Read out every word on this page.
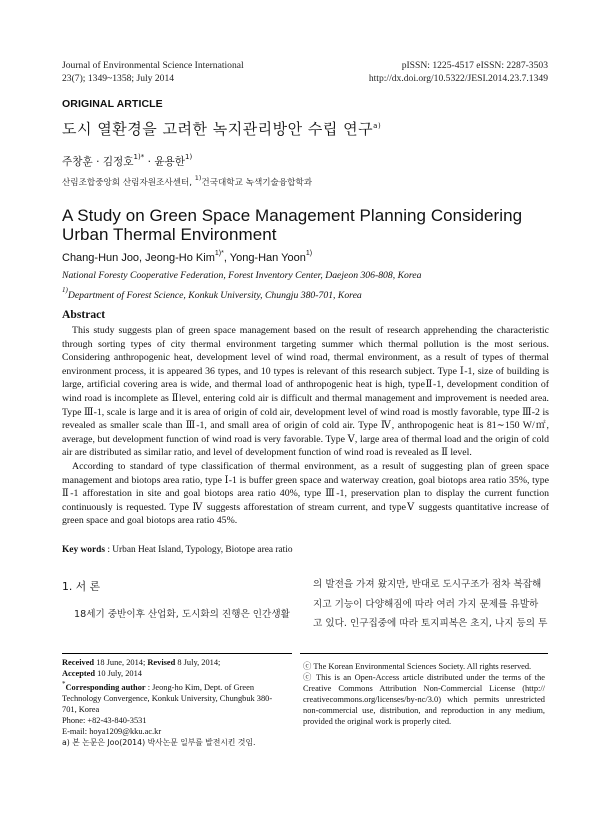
Journal of Environmental Science International
23(7); 1349~1358; July 2014
pISSN: 1225-4517 eISSN: 2287-3503
http://dx.doi.org/10.5322/JESI.2014.23.7.1349
ORIGINAL ARTICLE
도시 열환경을 고려한 녹지관리방안 수립 연구$^{a)}$
주창훈 · 김정호$^{1)*}$ · 윤용한$^{1)}$
산림조합중앙회 산림자원조사센터, $^{1)}$건국대학교 녹색기술융합학과
A Study on Green Space Management Planning Considering
Urban Thermal Environment
Chang-Hun Joo, Jeong-Ho Kim$^{1)*}$, Yong-Han Yoon$^{1)}$
National Foresty Cooperative Federation, Forest Inventory Center, Daejeon 306-808, Korea
$^{1)}$Department of Forest Science, Konkuk University, Chungju 380-701, Korea
Abstract

This study suggests plan of green space management based on the result of research apprehending the characteristic through sorting types of city thermal environment targeting summer which thermal pollution is the most serious. Considering anthropogenic heat, development level of wind road, thermal environment, as a result of types of thermal environment process, it is appeared 36 types, and 10 types is relevant of this research subject. Type Ⅰ-1, size of building is large, artificial covering area is wide, and thermal load of anthropogenic heat is high, typeⅡ-1, development condition of wind road is incomplete as Ⅱlevel, entering cold air is difficult and thermal management and improvement is needed area. Type Ⅲ-1, scale is large and it is area of origin of cold air, development level of wind road is mostly favorable, type Ⅲ-2 is revealed as smaller scale than Ⅲ-1, and small area of origin of cold air. Type Ⅳ, anthropogenic heat is 81∼150 W/㎡, average, but development function of wind road is very favorable. Type Ⅴ, large area of thermal load and the origin of cold air are distributed as similar ratio, and level of development function of wind road is revealed as Ⅱ level.

According to standard of type classification of thermal environment, as a result of suggesting plan of green space management and biotops area ratio, type Ⅰ-1 is buffer green space and waterway creation, goal biotops area ratio 35%, type Ⅱ-1 afforestation in site and goal biotops area ratio 40%, type Ⅲ-1, preservation plan to display the current function continuously is requested. Type Ⅳ suggests afforestation of stream current, and typeⅤ suggests quantitative increase of green space and goal biotops area ratio 45%.

Key words : Urban Heat Island, Typology, Biotope area ratio
1. 서 론
18세기 중반이후 산업화, 도시화의 진행은 인간생활
의 발전을 가져 왔지만, 반대로 도시구조가 점차 복잡해
지고 기능이 다양해짐에 따라 여러 가지 문제를 유발하
고 있다. 인구집중에 따라 토지피복은 초지, 나지 등의 투
Received 18 June, 2014; Revised 8 July, 2014;
Accepted 10 July, 2014
*Corresponding author : Jeong-ho Kim, Dept. of Green Technology Convergence, Konkuk University, Chungbuk 380-701, Korea
Phone: +82-43-840-3531
E-mail: hoya1209@kku.ac.kr
a) 본 논문은 Joo(2014) 박사논문 일부를 발전시킨 것임.
ⓒ The Korean Environmental Sciences Society. All rights reserved.
ⓒ This is an Open-Access article distributed under the terms of the Creative Commons Attribution Non-Commercial License (http:// creativecommons.org/licenses/by-nc/3.0) which permits unrestricted non-commercial use, distribution, and reproduction in any medium, provided the original work is properly cited.
